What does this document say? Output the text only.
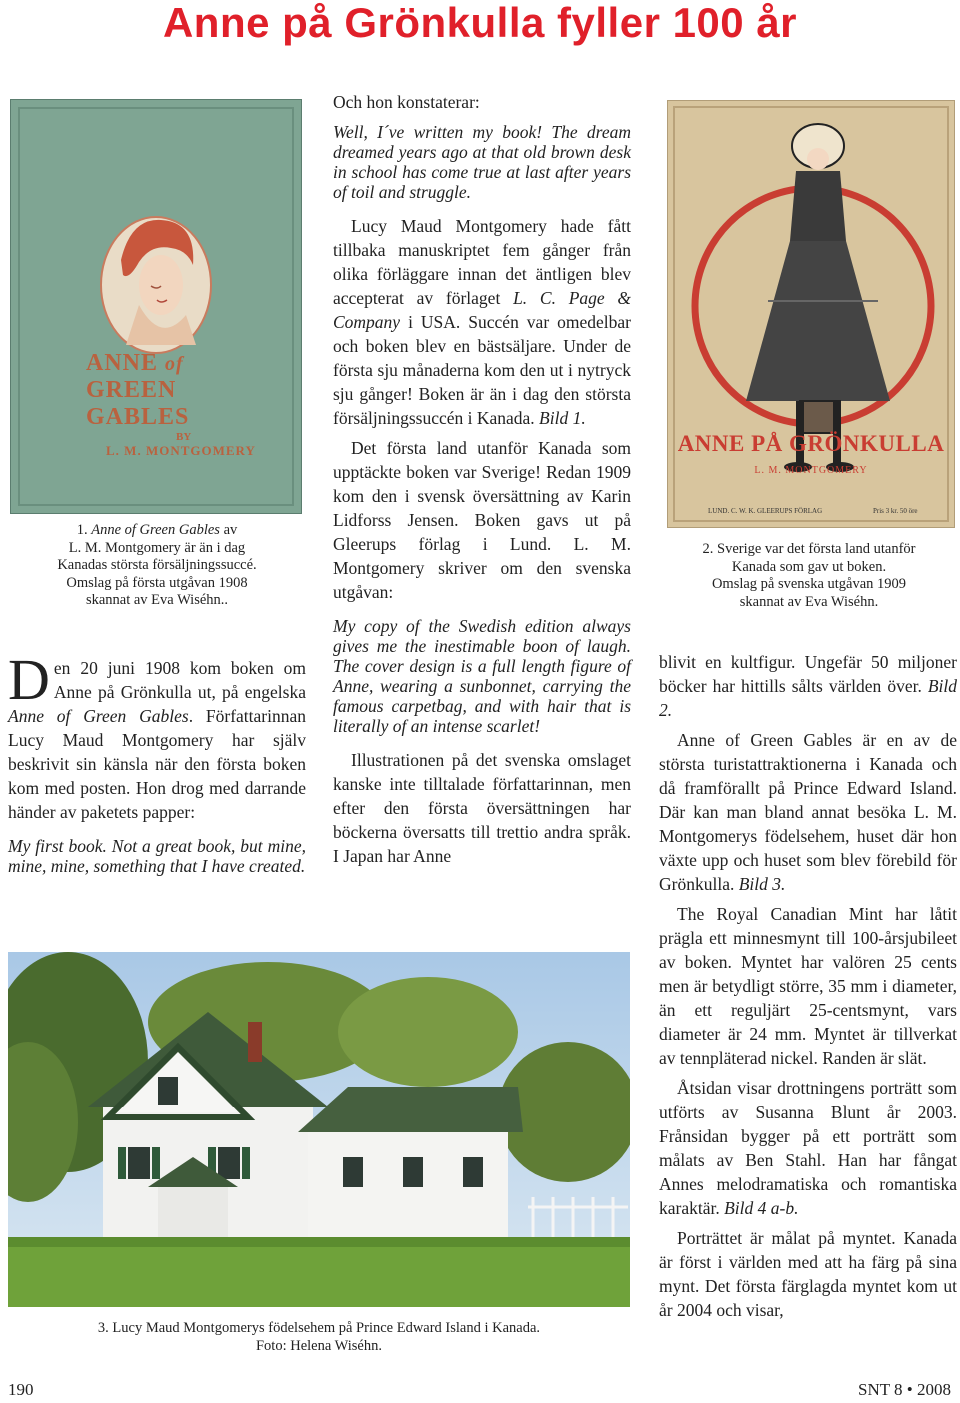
Anne på Grönkulla fyller 100 år
ANNE of
GREEN GABLES
BY
L. M. MONTGOMERY	ANNE PÅ GRÖNKULLA
L. M. MONTGOMERY
LUND. C. W. K. GLEERUPS FÖRLAG	Pris 3 kr. 50 öre
1. Anne of Green Gables av
L. M. Montgomery är än i dag
Kanadas största försäljningssuccé.
Omslag på första utgåvan 1908
skannat av Eva Wiséhn..
2. Sverige var det första land utanför
Kanada som gav ut boken.
Omslag på svenska utgåvan 1909
skannat av Eva Wiséhn.

Den 20 juni 1908 kom boken om Anne på Grönkulla ut, på engelska Anne of Green Gables. Författarinnan Lucy Maud Montgomery har själv beskrivit sin känsla när den första boken kom med posten. Hon drog med darrande händer av paketets papper:

My first book. Not a great book, but mine, mine, mine, something that I have created.

Och hon konstaterar:

Well, I´ve written my book! The dream dreamed years ago at that old brown desk in school has come true at last after years of toil and struggle.

Lucy Maud Montgomery hade fått tillbaka manuskriptet fem gånger från olika förläggare innan det äntligen blev accepterat av förlaget L. C. Page & Company i USA. Succén var omedelbar och boken blev en bästsäljare. Under de första sju månaderna kom den ut i nytryck sju gånger! Boken är än i dag den största försäljningssuccén i Kanada. Bild 1.

Det första land utanför Kanada som upptäckte boken var Sverige! Redan 1909 kom den i svensk översättning av Karin Lidforss Jensen. Boken gavs ut på Gleerups förlag i Lund. L. M. Montgomery skriver om den svenska utgåvan:

My copy of the Swedish edition always gives me the inestimable boon of laugh. The cover design is a full length figure of Anne, wearing a sunbonnet, carrying the famous carpetbag, and with hair that is literally of an intense scarlet!

Illustrationen på det svenska omslaget kanske inte tilltalade författarinnan, men efter den första översättningen har böckerna översatts till trettio andra språk. I Japan har Anne

blivit en kultfigur. Ungefär 50 miljoner böcker har hittills sålts världen över. Bild 2.

Anne of Green Gables är en av de största turistattraktionerna i Kanada och då framförallt på Prince Edward Island. Där kan man bland annat besöka L. M. Montgomerys födelsehem, huset där hon växte upp och huset som blev förebild för Grönkulla. Bild 3.

The Royal Canadian Mint har låtit prägla ett minnesmynt till 100-årsjubileet av boken. Myntet har valören 25 cents men är betydligt större, 35 mm i diameter, än ett reguljärt 25-centsmynt, vars diameter är 24 mm. Myntet är tillverkat av tennpläterad nickel. Randen är slät.

Åtsidan visar drottningens porträtt som utförts av Susanna Blunt år 2003. Frånsidan bygger på ett porträtt som målats av Ben Stahl. Han har fångat Annes melodramatiska och romantiska karaktär. Bild 4 a-b.

Porträttet är målat på myntet. Kanada är först i världen med att ha färg på sina mynt. Det första färglagda myntet kom ut år 2004 och visar,

3. Lucy Maud Montgomerys födelsehem på Prince Edward Island i Kanada.
Foto: Helena Wiséhn.
190	SNT 8 • 2008
